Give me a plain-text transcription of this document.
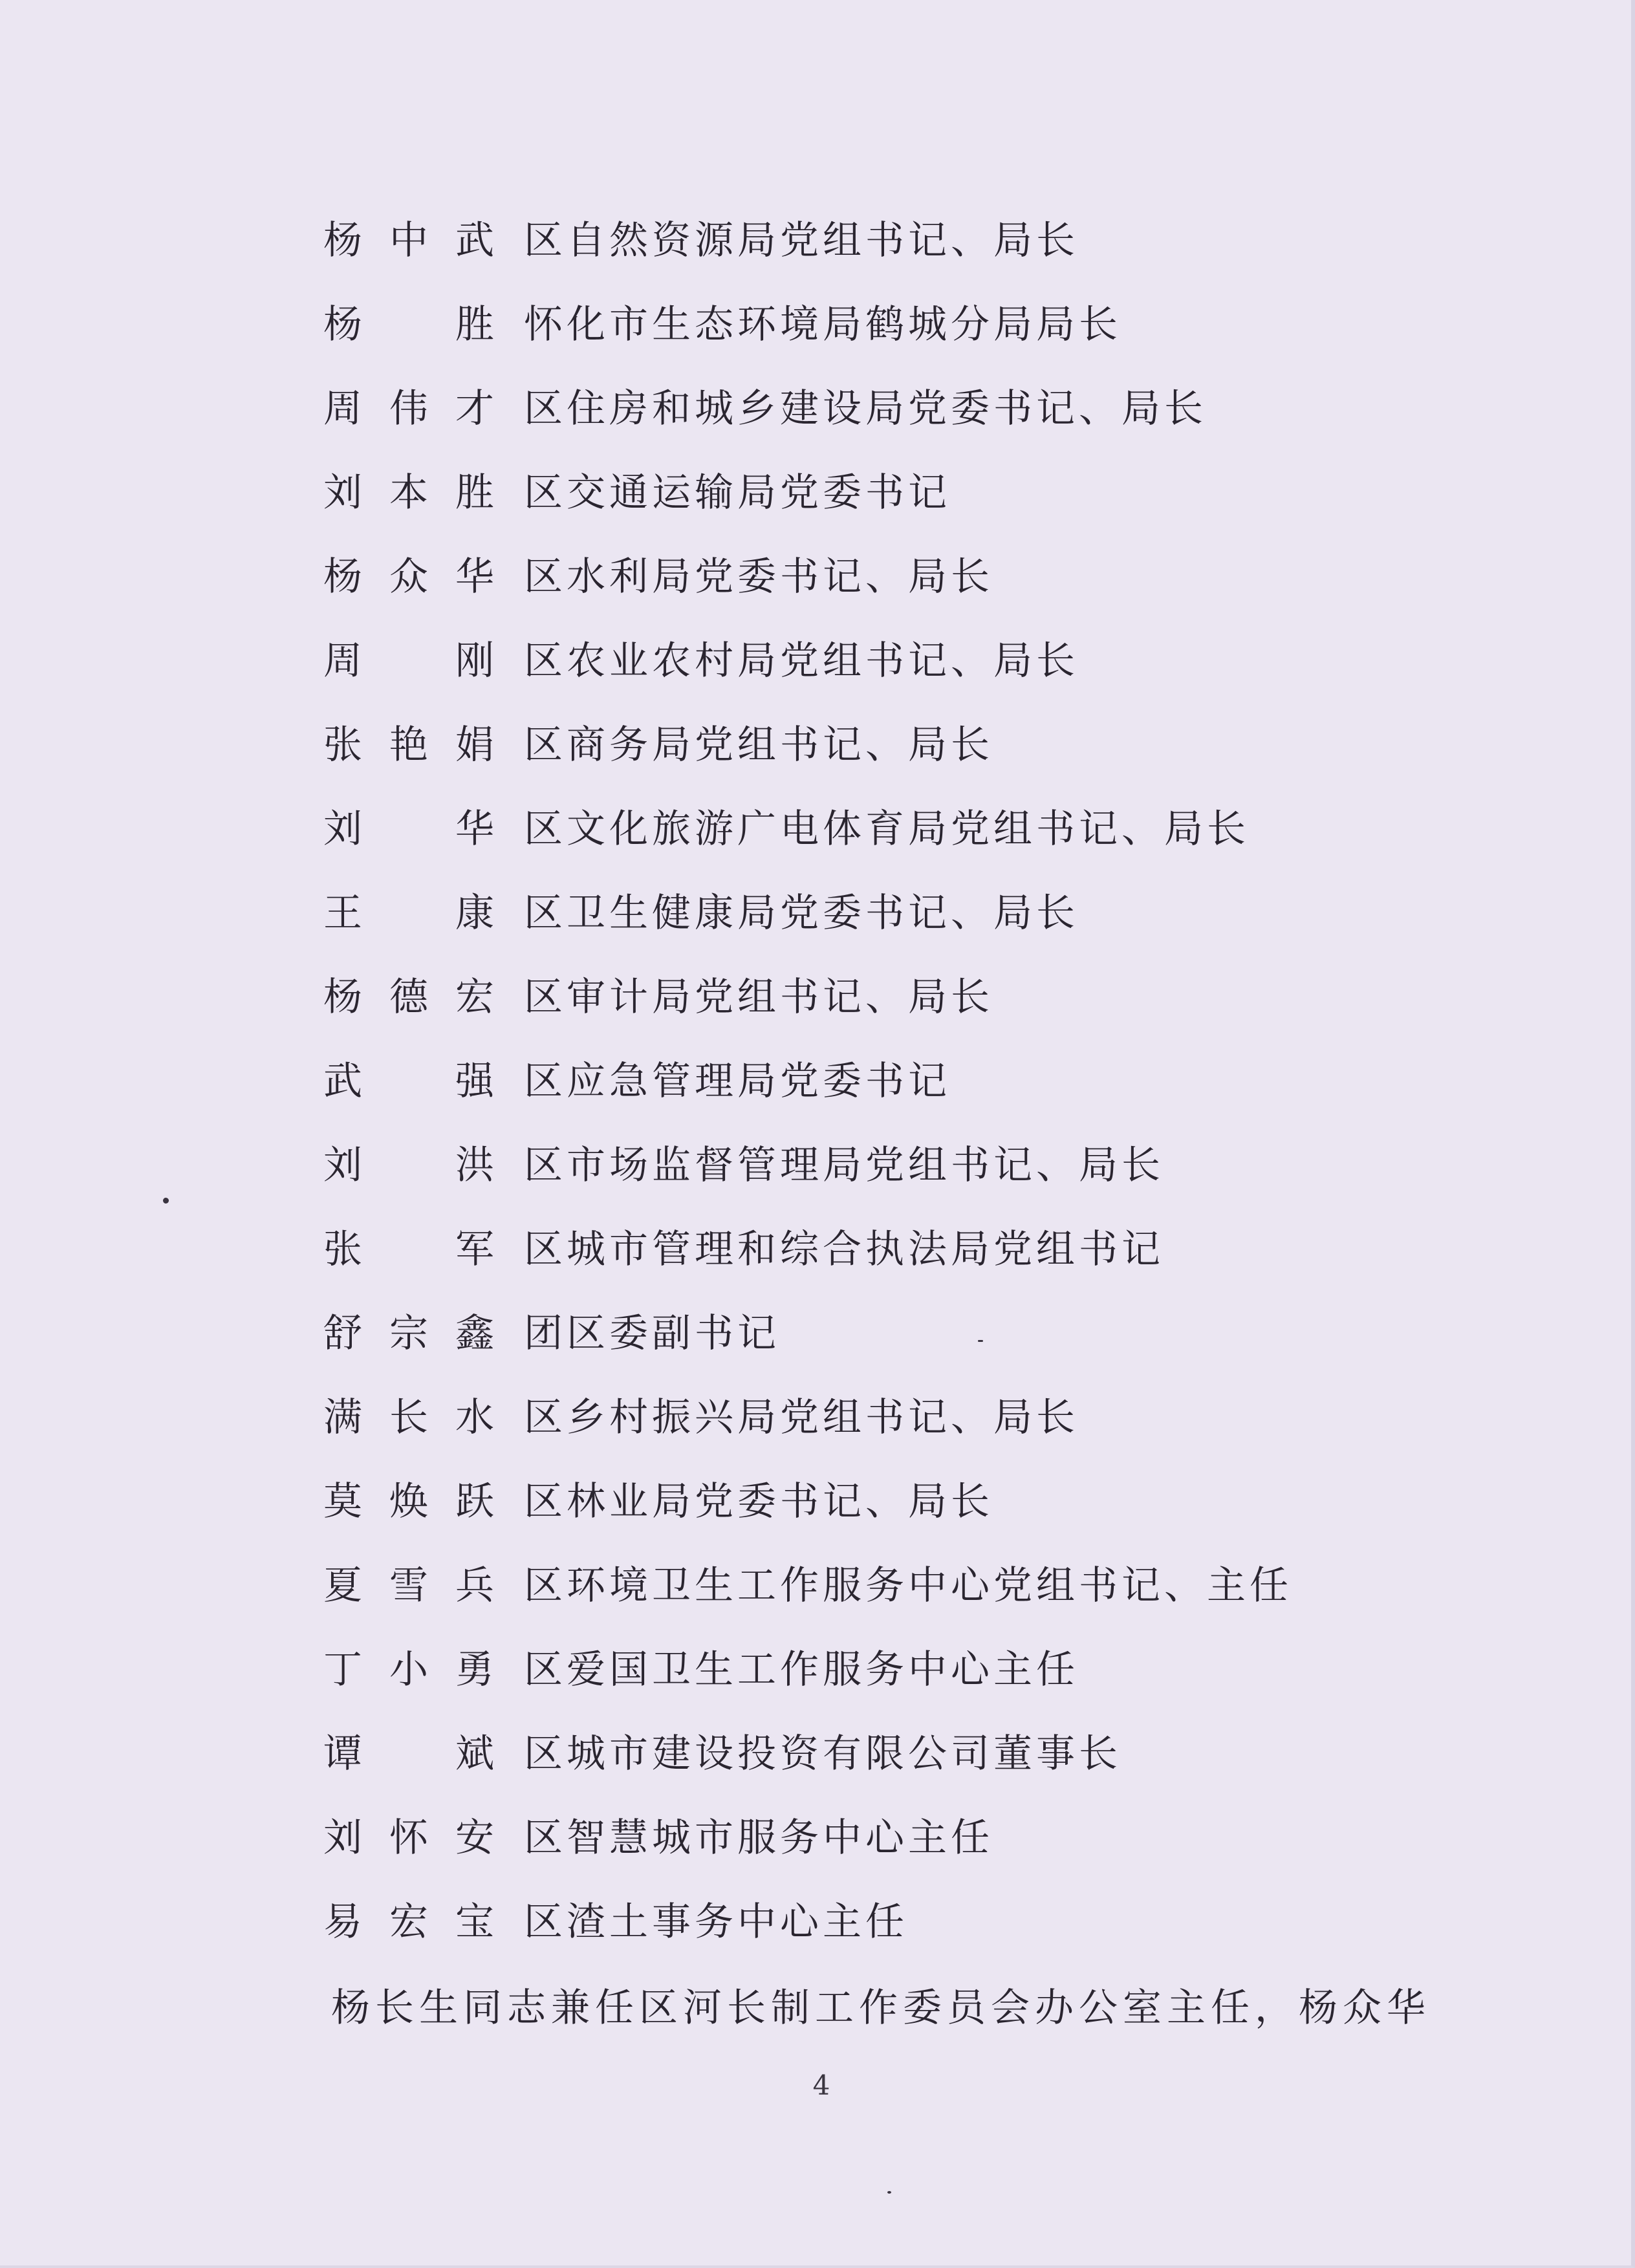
杨中武 区自然资源局党组书记、局长
杨 胜 怀化市生态环境局鹤城分局局长
周伟才 区住房和城乡建设局党委书记、局长
刘本胜 区交通运输局党委书记
杨众华 区水利局党委书记、局长
周 刚 区农业农村局党组书记、局长
张艳娟 区商务局党组书记、局长
刘 华 区文化旅游广电体育局党组书记、局长
王 康 区卫生健康局党委书记、局长
杨德宏 区审计局党组书记、局长
武 强 区应急管理局党委书记
刘 洪 区市场监督管理局党组书记、局长
张 军 区城市管理和综合执法局党组书记
舒宗鑫 团区委副书记
满长水 区乡村振兴局党组书记、局长
莫焕跃 区林业局党委书记、局长
夏雪兵 区环境卫生工作服务中心党组书记、主任
丁小勇 区爱国卫生工作服务中心主任
谭 斌 区城市建设投资有限公司董事长
刘怀安 区智慧城市服务中心主任
易宏宝 区渣土事务中心主任
杨长生同志兼任区河长制工作委员会办公室主任，杨众华
4
